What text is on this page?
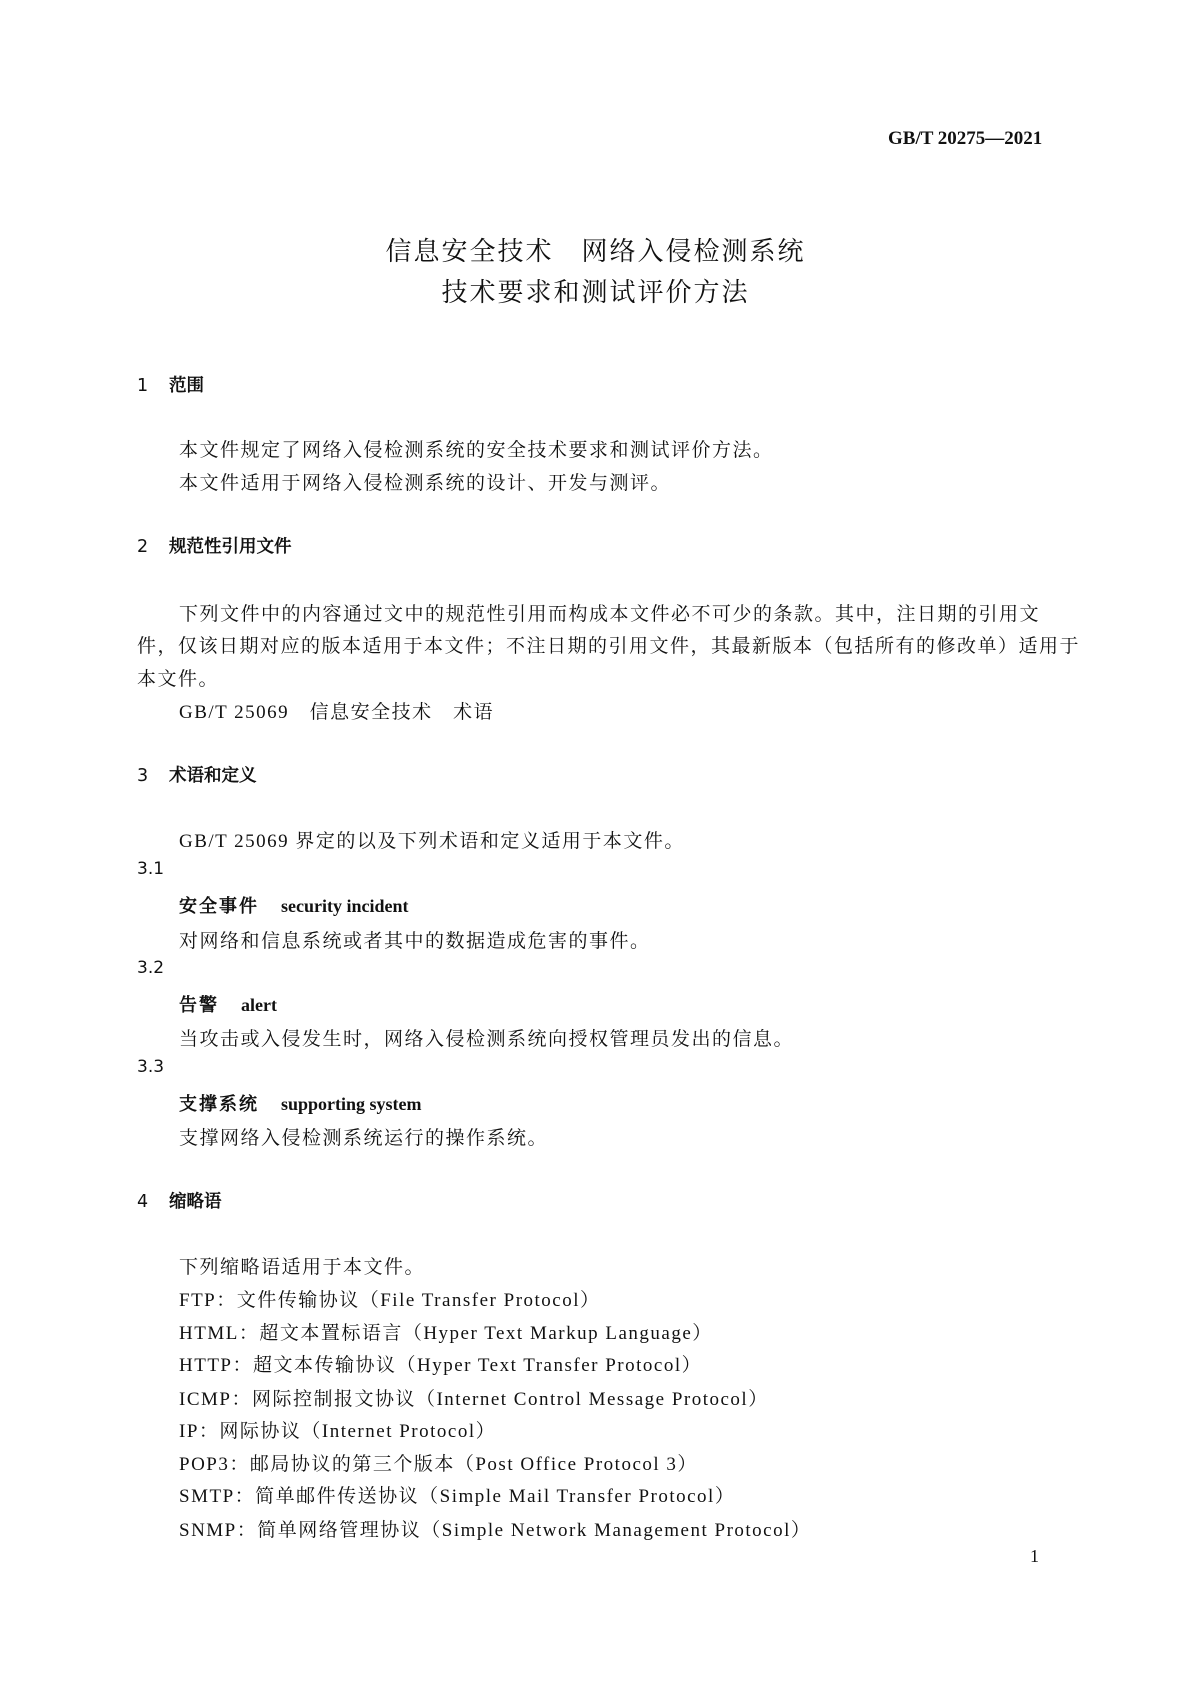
GB/T 20275—2021
信息安全技术　网络入侵检测系统
技术要求和测试评价方法
1 范围
本文件规定了网络入侵检测系统的安全技术要求和测试评价方法。
本文件适用于网络入侵检测系统的设计、开发与测评。
2 规范性引用文件
下列文件中的内容通过文中的规范性引用而构成本文件必不可少的条款。其中，注日期的引用文
件，仅该日期对应的版本适用于本文件；不注日期的引用文件，其最新版本（包括所有的修改单）适用于
本文件。
GB/T 25069　信息安全技术　术语
3 术语和定义
GB/T 25069 界定的以及下列术语和定义适用于本文件。
3.1
安全事件 security incident
对网络和信息系统或者其中的数据造成危害的事件。
3.2
告警 alert
当攻击或入侵发生时，网络入侵检测系统向授权管理员发出的信息。
3.3
支撑系统 supporting system
支撑网络入侵检测系统运行的操作系统。
4 缩略语
下列缩略语适用于本文件。
FTP：文件传输协议（File Transfer Protocol）
HTML：超文本置标语言（Hyper Text Markup Language）
HTTP：超文本传输协议（Hyper Text Transfer Protocol）
ICMP：网际控制报文协议（Internet Control Message Protocol）
IP：网际协议（Internet Protocol）
POP3：邮局协议的第三个版本（Post Office Protocol 3）
SMTP：简单邮件传送协议（Simple Mail Transfer Protocol）
SNMP：简单网络管理协议（Simple Network Management Protocol）
1
